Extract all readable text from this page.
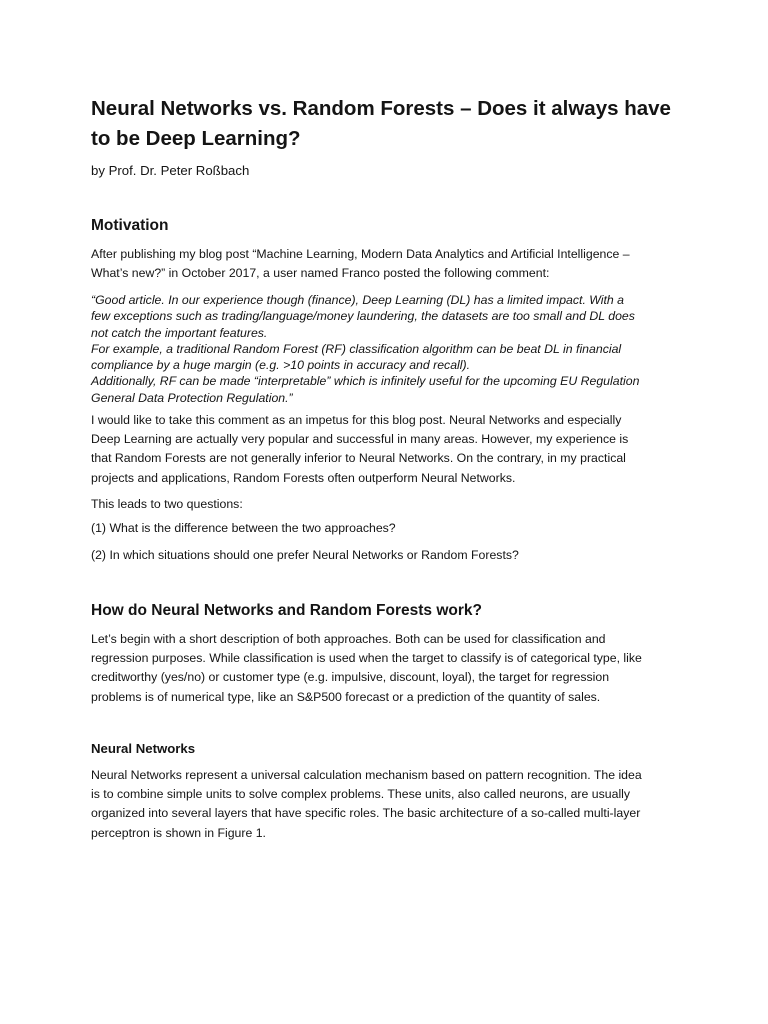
Neural Networks vs. Random Forests – Does it always have
to be Deep Learning?

by Prof. Dr. Peter Roßbach

Motivation

After publishing my blog post “Machine Learning, Modern Data Analytics and Artificial Intelligence –
What’s new?” in October 2017, a user named Franco posted the following comment:

“Good article. In our experience though (finance), Deep Learning (DL) has a limited impact. With a
few exceptions such as trading/language/money laundering, the datasets are too small and DL does
not catch the important features.
For example, a traditional Random Forest (RF) classification algorithm can be beat DL in financial
compliance by a huge margin (e.g. >10 points in accuracy and recall).
Additionally, RF can be made “interpretable” which is infinitely useful for the upcoming EU Regulation
General Data Protection Regulation.”

I would like to take this comment as an impetus for this blog post. Neural Networks and especially
Deep Learning are actually very popular and successful in many areas. However, my experience is
that Random Forests are not generally inferior to Neural Networks. On the contrary, in my practical
projects and applications, Random Forests often outperform Neural Networks.

This leads to two questions:

(1) What is the difference between the two approaches?

(2) In which situations should one prefer Neural Networks or Random Forests?

How do Neural Networks and Random Forests work?

Let’s begin with a short description of both approaches. Both can be used for classification and
regression purposes. While classification is used when the target to classify is of categorical type, like
creditworthy (yes/no) or customer type (e.g. impulsive, discount, loyal), the target for regression
problems is of numerical type, like an S&P500 forecast or a prediction of the quantity of sales.

Neural Networks

Neural Networks represent a universal calculation mechanism based on pattern recognition. The idea
is to combine simple units to solve complex problems. These units, also called neurons, are usually
organized into several layers that have specific roles. The basic architecture of a so-called multi-layer
perceptron is shown in Figure 1.
